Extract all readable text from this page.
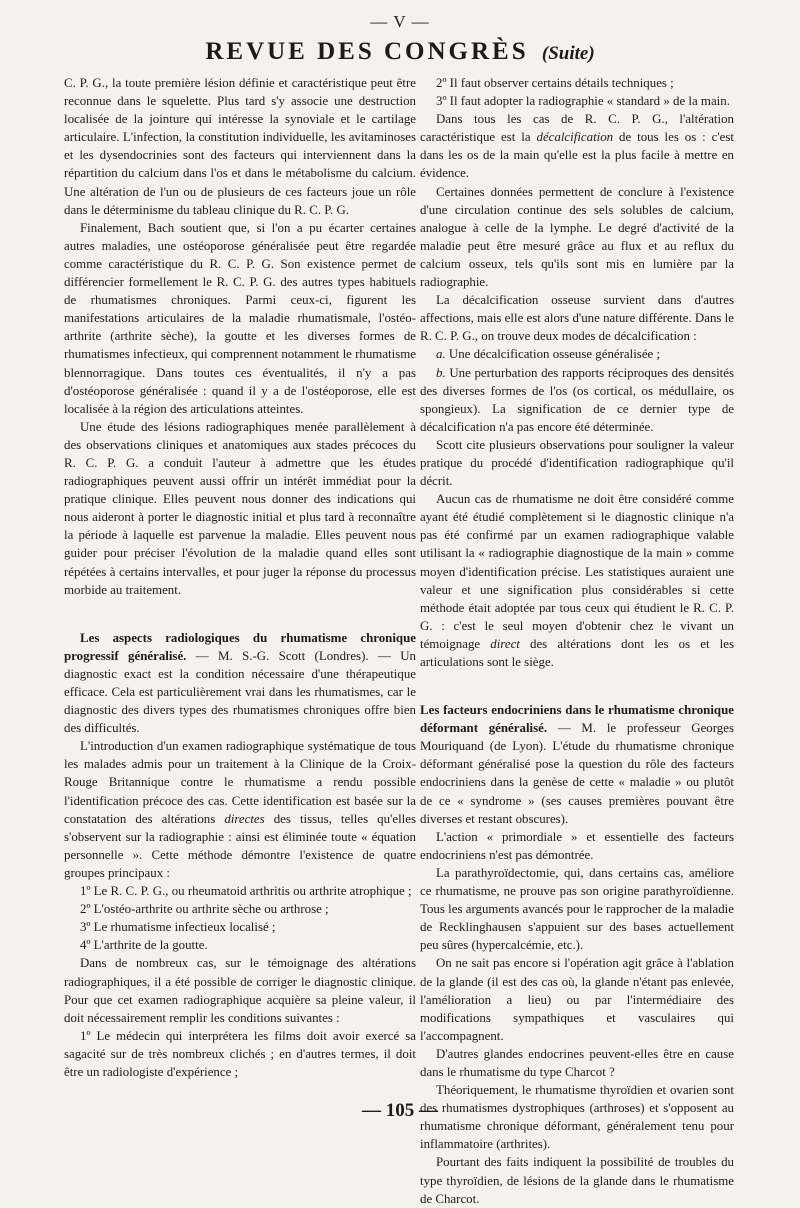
— V —
REVUE DES CONGRÈS (Suite)

C. P. G., la toute première lésion définie et caractéristique peut être reconnue dans le squelette. Plus tard s'y associe une destruction localisée de la jointure qui intéresse la synoviale et le cartilage articulaire. L'infection, la constitution individuelle, les avitaminoses et les dysendocrinies sont des facteurs qui interviennent dans la répartition du calcium dans l'os et dans le métabolisme du calcium. Une altération de l'un ou de plusieurs de ces facteurs joue un rôle dans le déterminisme du tableau clinique du R. C. P. G.

Finalement, Bach soutient que, si l'on a pu écarter certaines autres maladies, une ostéoporose généralisée peut être regardée comme caractéristique du R. C. P. G. Son existence permet de différencier formellement le R. C. P. G. des autres types habituels de rhumatismes chroniques. Parmi ceux-ci, figurent les manifestations articulaires de la maladie rhumatismale, l'ostéo-arthrite (arthrite sèche), la goutte et les diverses formes de rhumatismes infectieux, qui comprennent notamment le rhumatisme blennorragique. Dans toutes ces éventualités, il n'y a pas d'ostéoporose généralisée : quand il y a de l'ostéoporose, elle est localisée à la région des articulations atteintes.

Une étude des lésions radiographiques menée parallèlement à des observations cliniques et anatomiques aux stades précoces du R. C. P. G. a conduit l'auteur à admettre que les études radiographiques peuvent aussi offrir un intérêt immédiat pour la pratique clinique. Elles peuvent nous donner des indications qui nous aideront à porter le diagnostic initial et plus tard à reconnaître la période à laquelle est parvenue la maladie. Elles peuvent nous guider pour préciser l'évolution de la maladie quand elles sont répétées à certains intervalles, et pour juger la réponse du processus morbide au traitement.

Les aspects radiologiques du rhumatisme chronique progressif généralisé. — M. S.-G. Scott (Londres). — Un diagnostic exact est la condition nécessaire d'une thérapeutique efficace. Cela est particulièrement vrai dans les rhumatismes, car le diagnostic des divers types des rhumatismes chroniques offre bien des difficultés.

L'introduction d'un examen radiographique systématique de tous les malades admis pour un traitement à la Clinique de la Croix-Rouge Britannique contre le rhumatisme a rendu possible l'identification précoce des cas. Cette identification est basée sur la constatation des altérations directes des tissus, telles qu'elles s'observent sur la radiographie : ainsi est éliminée toute « équation personnelle ». Cette méthode démontre l'existence de quatre groupes principaux :

1º Le R. C. P. G., ou rheumatoid arthritis ou arthrite atrophique ;

2º L'ostéo-arthrite ou arthrite sèche ou arthrose ;

3º Le rhumatisme infectieux localisé ;

4º L'arthrite de la goutte.

Dans de nombreux cas, sur le témoignage des altérations radiographiques, il a été possible de corriger le diagnostic clinique. Pour que cet examen radiographique acquière sa pleine valeur, il doit nécessairement remplir les conditions suivantes :

1º Le médecin qui interprétera les films doit avoir exercé sa sagacité sur de très nombreux clichés ; en d'autres termes, il doit être un radiologiste d'expérience ;

2º Il faut observer certains détails techniques ;

3º Il faut adopter la radiographie « standard » de la main.

Dans tous les cas de R. C. P. G., l'altération caractéristique est la décalcification de tous les os : c'est dans les os de la main qu'elle est la plus facile à mettre en évidence.

Certaines données permettent de conclure à l'existence d'une circulation continue des sels solubles de calcium, analogue à celle de la lymphe. Le degré d'activité de la maladie peut être mesuré grâce au flux et au reflux du calcium osseux, tels qu'ils sont mis en lumière par la radiographie.

La décalcification osseuse survient dans d'autres affections, mais elle est alors d'une nature différente. Dans le R. C. P. G., on trouve deux modes de décalcification :

a. Une décalcification osseuse généralisée ;

b. Une perturbation des rapports réciproques des densités des diverses formes de l'os (os cortical, os médullaire, os spongieux). La signification de ce dernier type de décalcification n'a pas encore été déterminée.

Scott cite plusieurs observations pour souligner la valeur pratique du procédé d'identification radiographique qu'il décrit.

Aucun cas de rhumatisme ne doit être considéré comme ayant été étudié complètement si le diagnostic clinique n'a pas été confirmé par un examen radiographique valable utilisant la « radiographie diagnostique de la main » comme moyen d'identification précise. Les statistiques auraient une valeur et une signification plus considérables si cette méthode était adoptée par tous ceux qui étudient le R. C. P. G. : c'est le seul moyen d'obtenir chez le vivant un témoignage direct des altérations dont les os et les articulations sont le siège.

Les facteurs endocriniens dans le rhumatisme chronique déformant généralisé. — M. le professeur Georges Mouriquand (de Lyon). L'étude du rhumatisme chronique déformant généralisé pose la question du rôle des facteurs endocriniens dans la genèse de cette « maladie » ou plutôt de ce « syndrome » (ses causes premières pouvant être diverses et restant obscures).

L'action « primordiale » et essentielle des facteurs endocriniens n'est pas démontrée.

La parathyroïdectomie, qui, dans certains cas, améliore ce rhumatisme, ne prouve pas son origine parathyroïdienne. Tous les arguments avancés pour le rapprocher de la maladie de Recklinghausen s'appuient sur des bases actuellement peu sûres (hypercalcémie, etc.).

On ne sait pas encore si l'opération agit grâce à l'ablation de la glande (il est des cas où, la glande n'étant pas enlevée, l'amélioration a lieu) ou par l'intermédiaire des modifications sympathiques et vasculaires qui l'accompagnent.

D'autres glandes endocrines peuvent-elles être en cause dans le rhumatisme du type Charcot ?

Théoriquement, le rhumatisme thyroïdien et ovarien sont des rhumatismes dystrophiques (arthroses) et s'opposent au rhumatisme chronique déformant, généralement tenu pour inflammatoire (arthrites).

Pourtant des faits indiquent la possibilité de troubles du type thyroïdien, de lésions de la glande dans le rhumatisme de Charcot.

— 105 —
